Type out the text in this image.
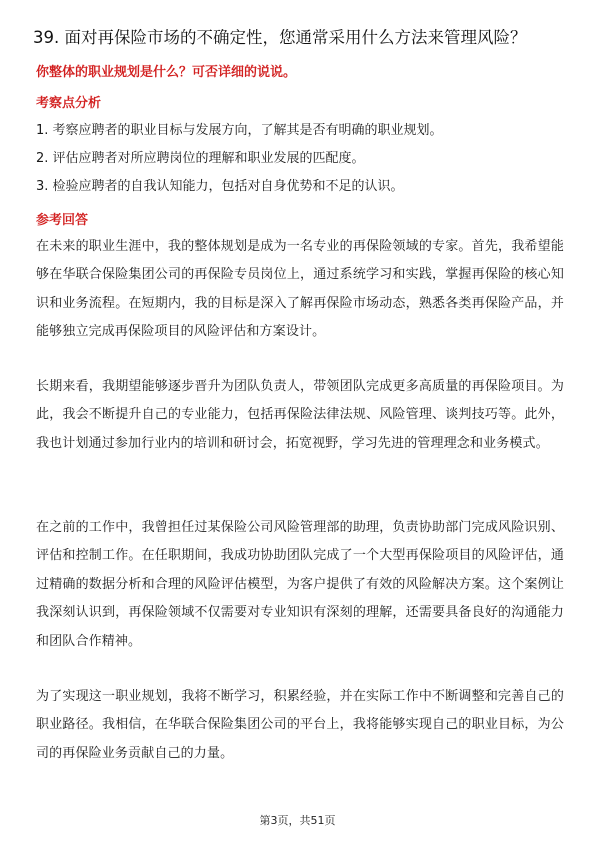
39. 面对再保险市场的不确定性，您通常采用什么方法来管理风险？
你整体的职业规划是什么？可否详细的说说。
考察点分析
1. 考察应聘者的职业目标与发展方向，了解其是否有明确的职业规划。
2. 评估应聘者对所应聘岗位的理解和职业发展的匹配度。
3. 检验应聘者的自我认知能力，包括对自身优势和不足的认识。
参考回答
在未来的职业生涯中，我的整体规划是成为一名专业的再保险领域的专家。首先，我希望能够在华联合保险集团公司的再保险专员岗位上，通过系统学习和实践，掌握再保险的核心知识和业务流程。在短期内，我的目标是深入了解再保险市场动态，熟悉各类再保险产品，并能够独立完成再保险项目的风险评估和方案设计。
长期来看，我期望能够逐步晋升为团队负责人，带领团队完成更多高质量的再保险项目。为此，我会不断提升自己的专业能力，包括再保险法律法规、风险管理、谈判技巧等。此外，我也计划通过参加行业内的培训和研讨会，拓宽视野，学习先进的管理理念和业务模式。
在之前的工作中，我曾担任过某保险公司风险管理部的助理，负责协助部门完成风险识别、评估和控制工作。在任职期间，我成功协助团队完成了一个大型再保险项目的风险评估，通过精确的数据分析和合理的风险评估模型，为客户提供了有效的风险解决方案。这个案例让我深刻认识到，再保险领域不仅需要对专业知识有深刻的理解，还需要具备良好的沟通能力和团队合作精神。
为了实现这一职业规划，我将不断学习，积累经验，并在实际工作中不断调整和完善自己的职业路径。我相信，在华联合保险集团公司的平台上，我将能够实现自己的职业目标，为公司的再保险业务贡献自己的力量。
第3页，共51页
